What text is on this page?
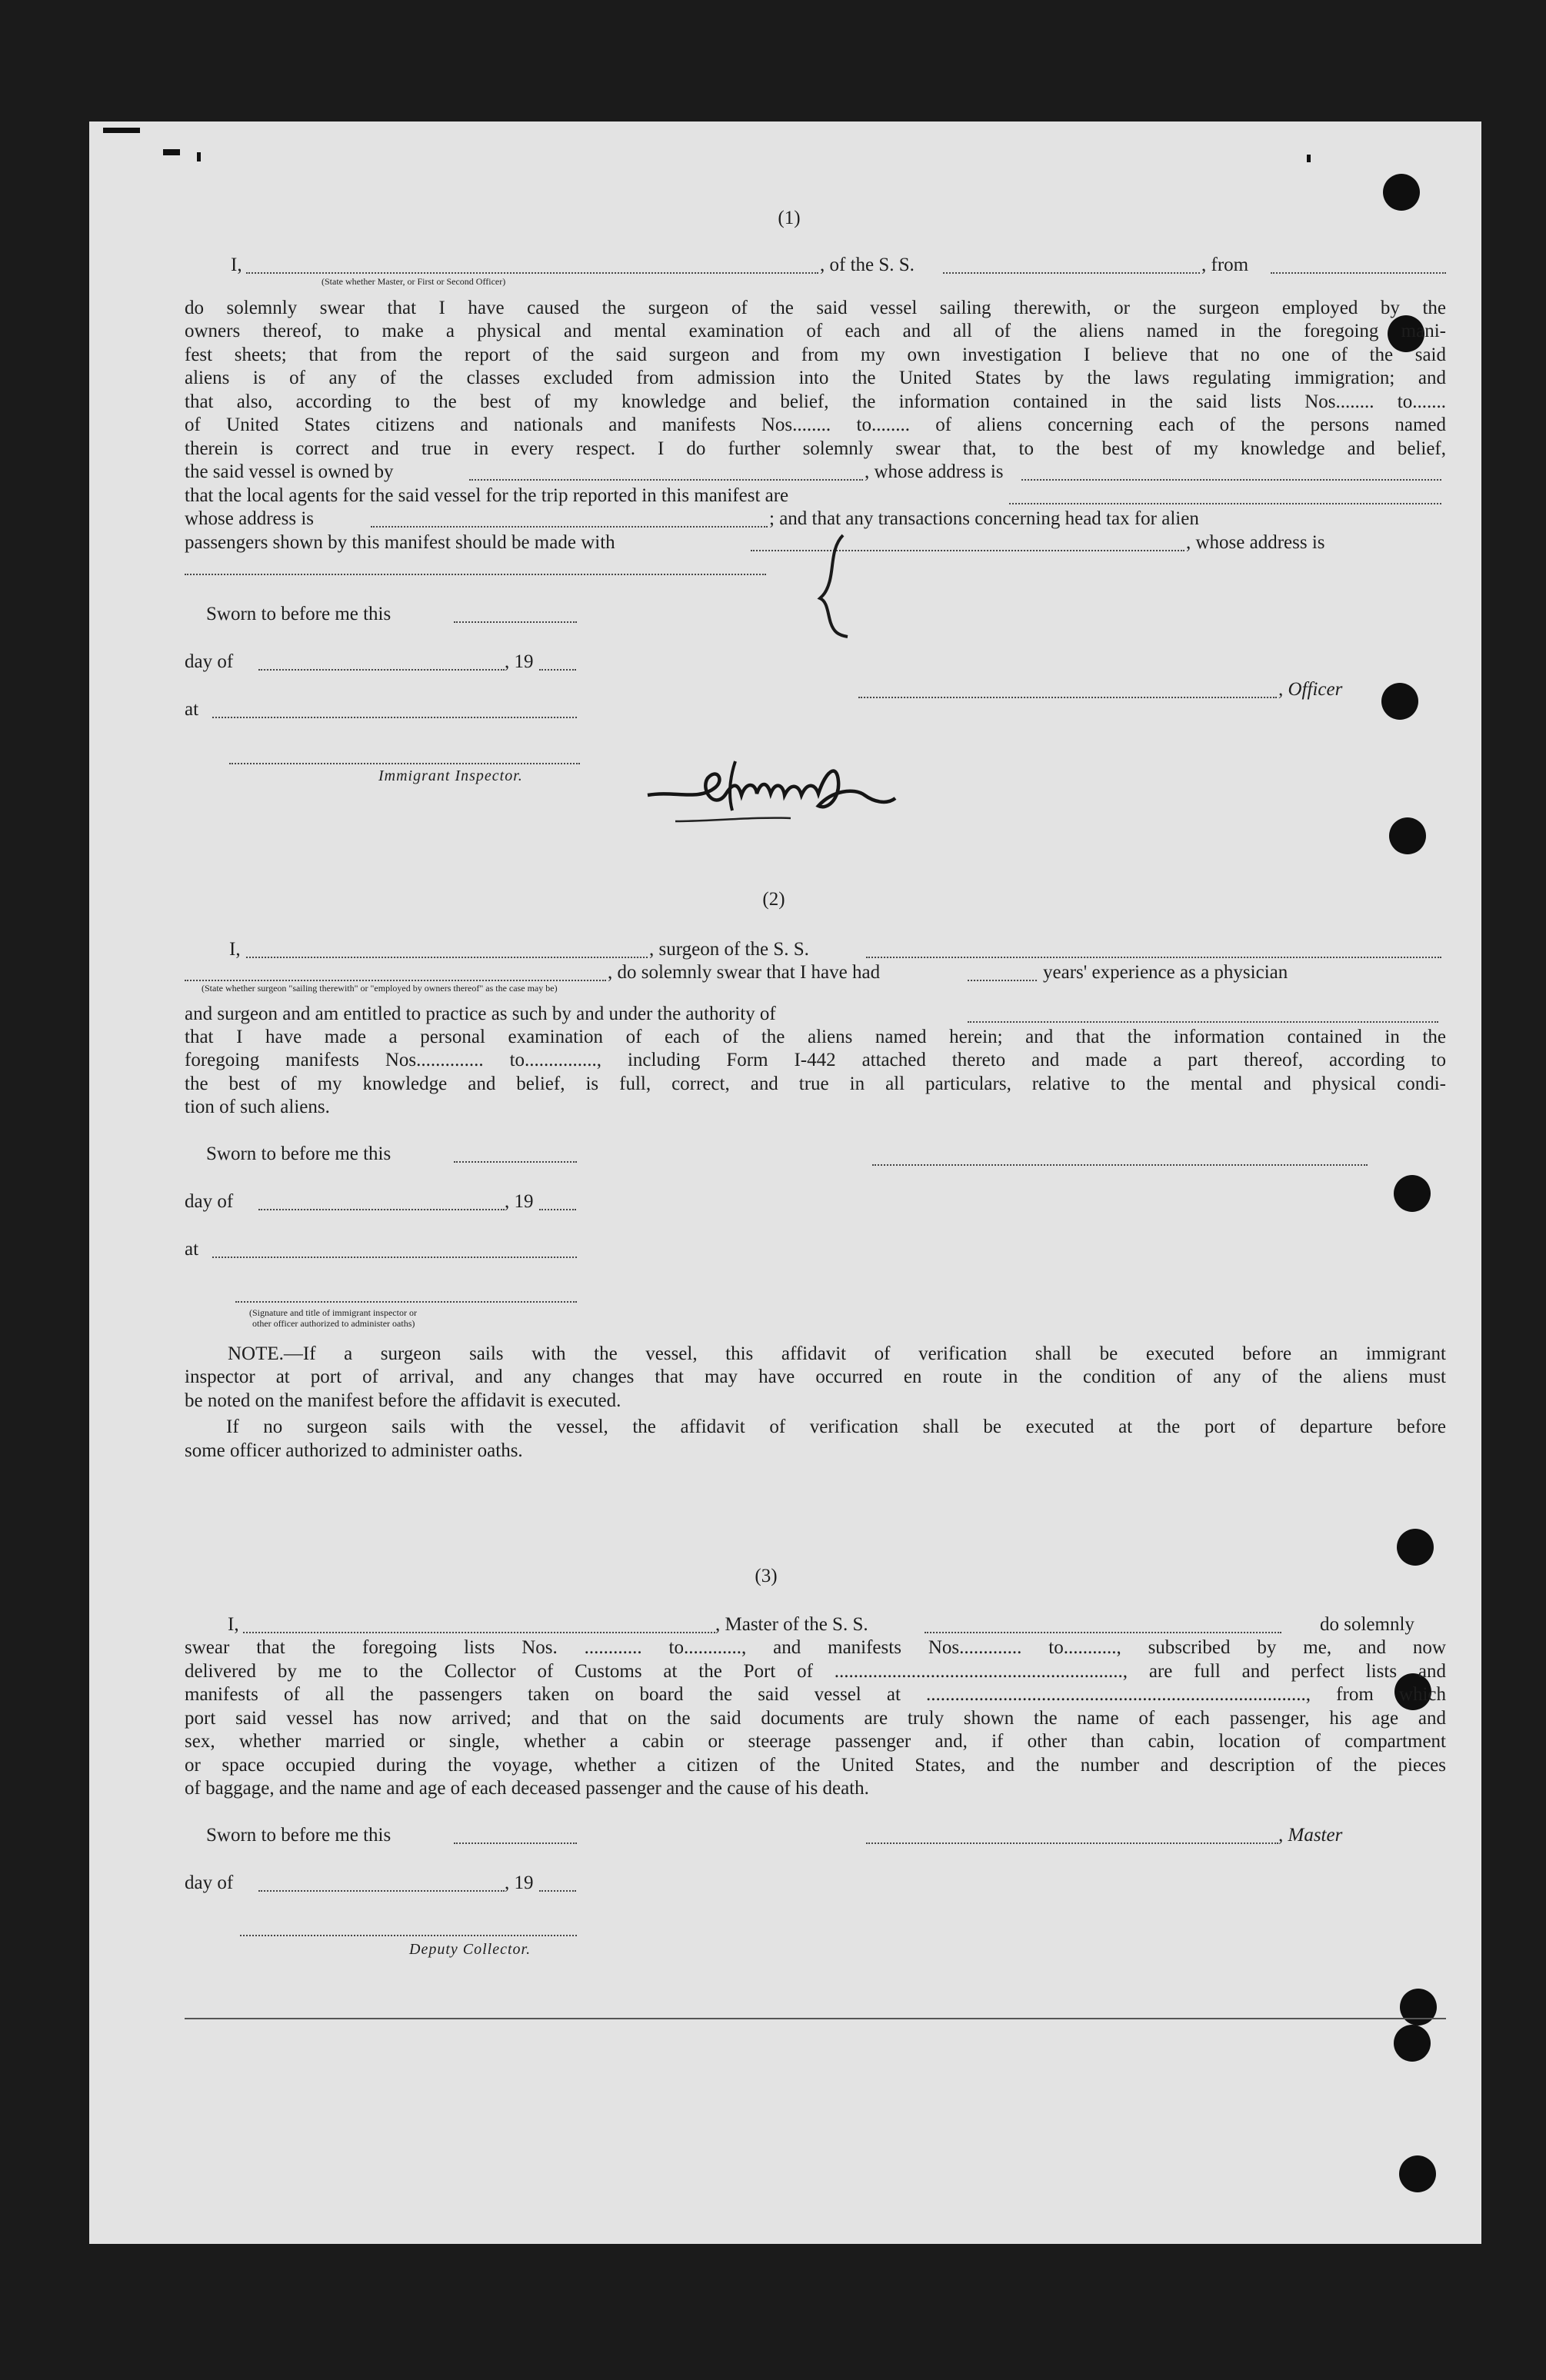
(1)
I,	, of the S. S.	, from
(State whether Master, or First or Second Officer)
do solemnly swear that I have caused the surgeon of the said vessel sailing therewith, or the surgeon employed by the
owners thereof, to make a physical and mental examination of each and all of the aliens named in the foregoing mani-
fest sheets; that from the report of the said surgeon and from my own investigation I believe that no one of the said
aliens is of any of the classes excluded from admission into the United States by the laws regulating immigration; and
that also, according to the best of my knowledge and belief, the information contained in the said lists Nos........ to.......
of United States citizens and nationals and manifests Nos........ to........ of aliens concerning each of the persons named
therein is correct and true in every respect. I do further solemnly swear that, to the best of my knowledge and belief,
the said vessel is owned by	, whose address is
that the local agents for the said vessel for the trip reported in this manifest are
whose address is	; and that any transactions concerning head tax for alien
passengers shown by this manifest should be made with	, whose address is
Sworn to before me this
day of	, 19
at
, Officer
Immigrant Inspector.
(2)
I,	, surgeon of the S. S.
, do solemnly swear that I have had	years' experience as a physician
(State whether surgeon "sailing therewith" or "employed by owners thereof" as the case may be)
and surgeon and am entitled to practice as such by and under the authority of
that I have made a personal examination of each of the aliens named herein; and that the information contained in the
foregoing manifests Nos.............. to..............., including Form I-442 attached thereto and made a part thereof, according to
the best of my knowledge and belief, is full, correct, and true in all particulars, relative to the mental and physical condi-
tion of such aliens.
Sworn to before me this
day of	, 19
at
(Signature and title of immigrant inspector or
other officer authorized to administer oaths)
NOTE.—If a surgeon sails with the vessel, this affidavit of verification shall be executed before an immigrant
inspector at port of arrival, and any changes that may have occurred en route in the condition of any of the aliens must
be noted on the manifest before the affidavit is executed.
If no surgeon sails with the vessel, the affidavit of verification shall be executed at the port of departure before
some officer authorized to administer oaths.
(3)
I,	, Master of the S. S.	do solemnly
swear that the foregoing lists Nos. ............ to............, and manifests Nos............. to..........., subscribed by me, and now
delivered by me to the Collector of Customs at the Port of ............................................................, are full and perfect lists and
manifests of all the passengers taken on board the said vessel at ..............................................................................., from which
port said vessel has now arrived; and that on the said documents are truly shown the name of each passenger, his age and
sex, whether married or single, whether a cabin or steerage passenger and, if other than cabin, location of compartment
or space occupied during the voyage, whether a citizen of the United States, and the number and description of the pieces
of baggage, and the name and age of each deceased passenger and the cause of his death.
Sworn to before me this	, Master
day of	, 19
Deputy Collector.
